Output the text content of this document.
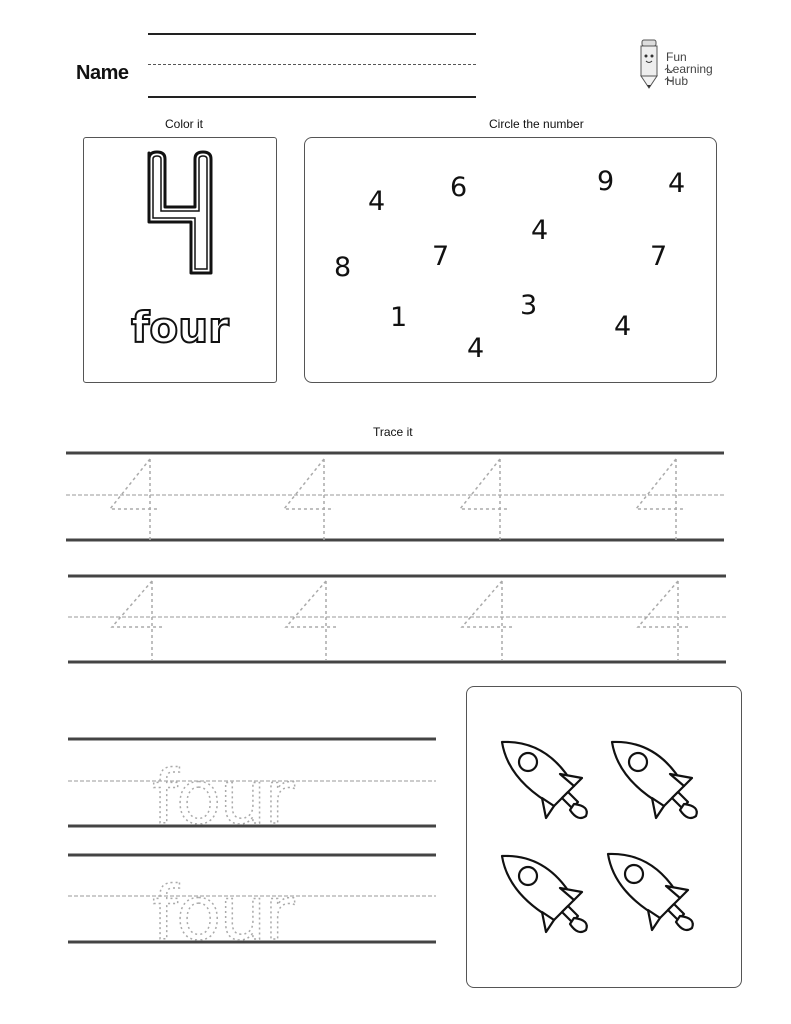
Name
Fun
Learning
Hub
Color it	Circle the number
four
4 6	9 4
4
8	7	7
1	3
4
4
Trace it
four
four
